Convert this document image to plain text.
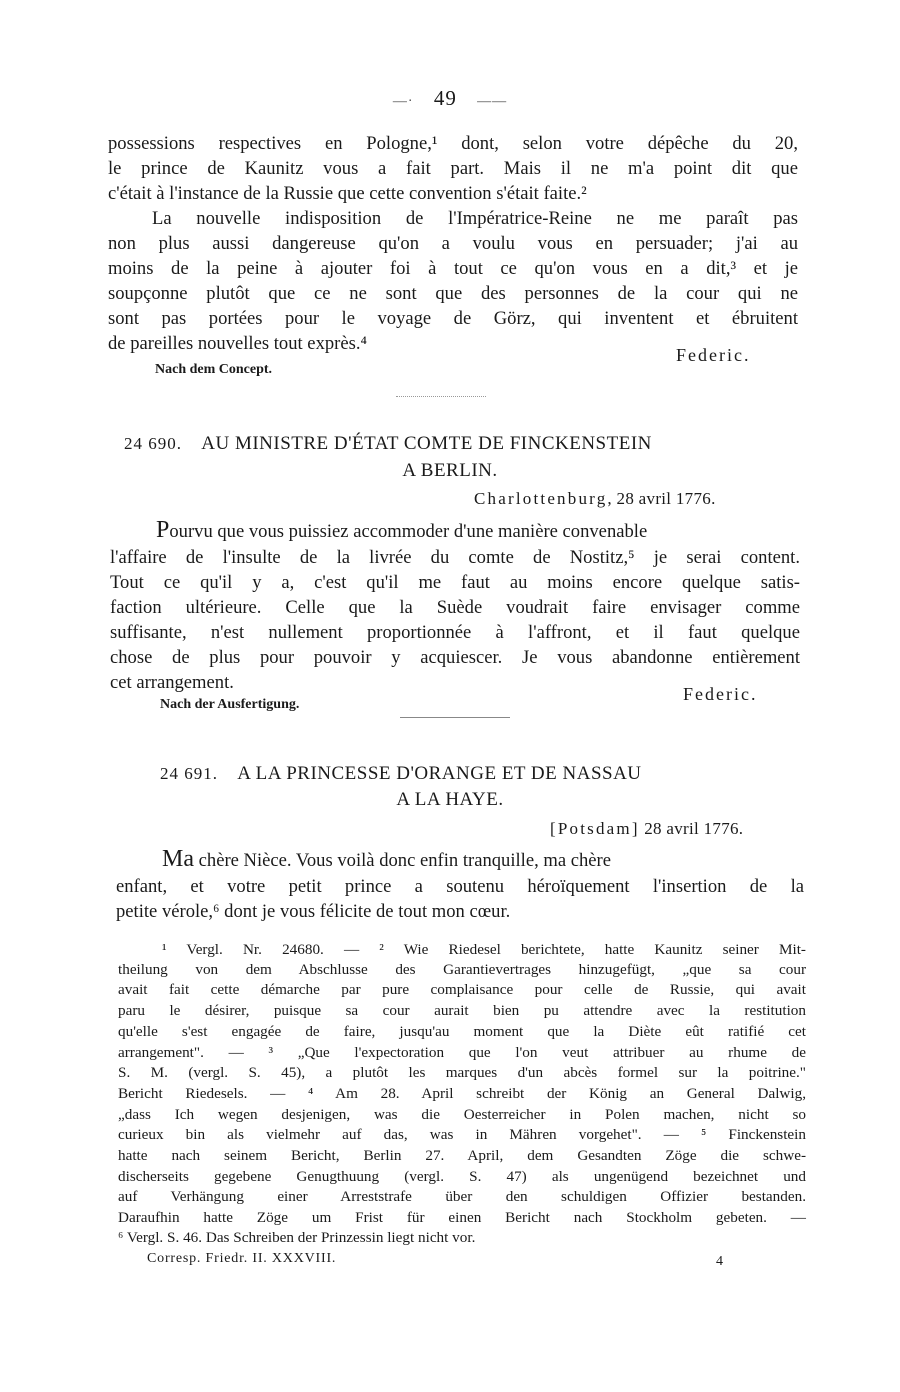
—· 49 ——
possessions respectives en Pologne,¹ dont, selon votre dépêche du 20,
le prince de Kaunitz vous a fait part. Mais il ne m'a point dit que
c'était à l'instance de la Russie que cette convention s'était faite.²
La nouvelle indisposition de l'Impératrice-Reine ne me paraît pas
non plus aussi dangereuse qu'on a voulu vous en persuader; j'ai au
moins de la peine à ajouter foi à tout ce qu'on vous en a dit,³ et je
soupçonne plutôt que ce ne sont que des personnes de la cour qui ne
sont pas portées pour le voyage de Görz, qui inventent et ébruitent
de pareilles nouvelles tout exprès.⁴
Federic.
Nach dem Concept.
24 690. AU MINISTRE D'ÉTAT COMTE DE FINCKENSTEIN
A BERLIN.
Charlottenburg, 28 avril 1776.
Pourvu que vous puissiez accommoder d'une manière convenable
l'affaire de l'insulte de la livrée du comte de Nostitz,⁵ je serai content.
Tout ce qu'il y a, c'est qu'il me faut au moins encore quelque satis-
faction ultérieure. Celle que la Suède voudrait faire envisager comme
suffisante, n'est nullement proportionnée à l'affront, et il faut quelque
chose de plus pour pouvoir y acquiescer. Je vous abandonne entièrement
cet arrangement.
Federic.
Nach der Ausfertigung.
24 691. A LA PRINCESSE D'ORANGE ET DE NASSAU
A LA HAYE.
[Potsdam] 28 avril 1776.
Ma chère Nièce. Vous voilà donc enfin tranquille, ma chère
enfant, et votre petit prince a soutenu héroïquement l'insertion de la
petite vérole,⁶ dont je vous félicite de tout mon cœur.
¹ Vergl. Nr. 24680. — ² Wie Riedesel berichtete, hatte Kaunitz seiner Mit-
theilung von dem Abschlusse des Garantievertrages hinzugefügt, „que sa cour
avait fait cette démarche par pure complaisance pour celle de Russie, qui avait
paru le désirer, puisque sa cour aurait bien pu attendre avec la restitution
qu'elle s'est engagée de faire, jusqu'au moment que la Diète eût ratifié cet
arrangement". — ³ „Que l'expectoration que l'on veut attribuer au rhume de
S. M. (vergl. S. 45), a plutôt les marques d'un abcès formel sur la poitrine."
Bericht Riedesels. — ⁴ Am 28. April schreibt der König an General Dalwig,
„dass Ich wegen desjenigen, was die Oesterreicher in Polen machen, nicht so
curieux bin als vielmehr auf das, was in Mähren vorgehet". — ⁵ Finckenstein
hatte nach seinem Bericht, Berlin 27. April, dem Gesandten Zöge die schwe-
discherseits gegebene Genugthuung (vergl. S. 47) als ungenügend bezeichnet und
auf Verhängung einer Arreststrafe über den schuldigen Offizier bestanden.
Daraufhin hatte Zöge um Frist für einen Bericht nach Stockholm gebeten. —
⁶ Vergl. S. 46. Das Schreiben der Prinzessin liegt nicht vor.
Corresp. Friedr. II. XXXVIII.	4
